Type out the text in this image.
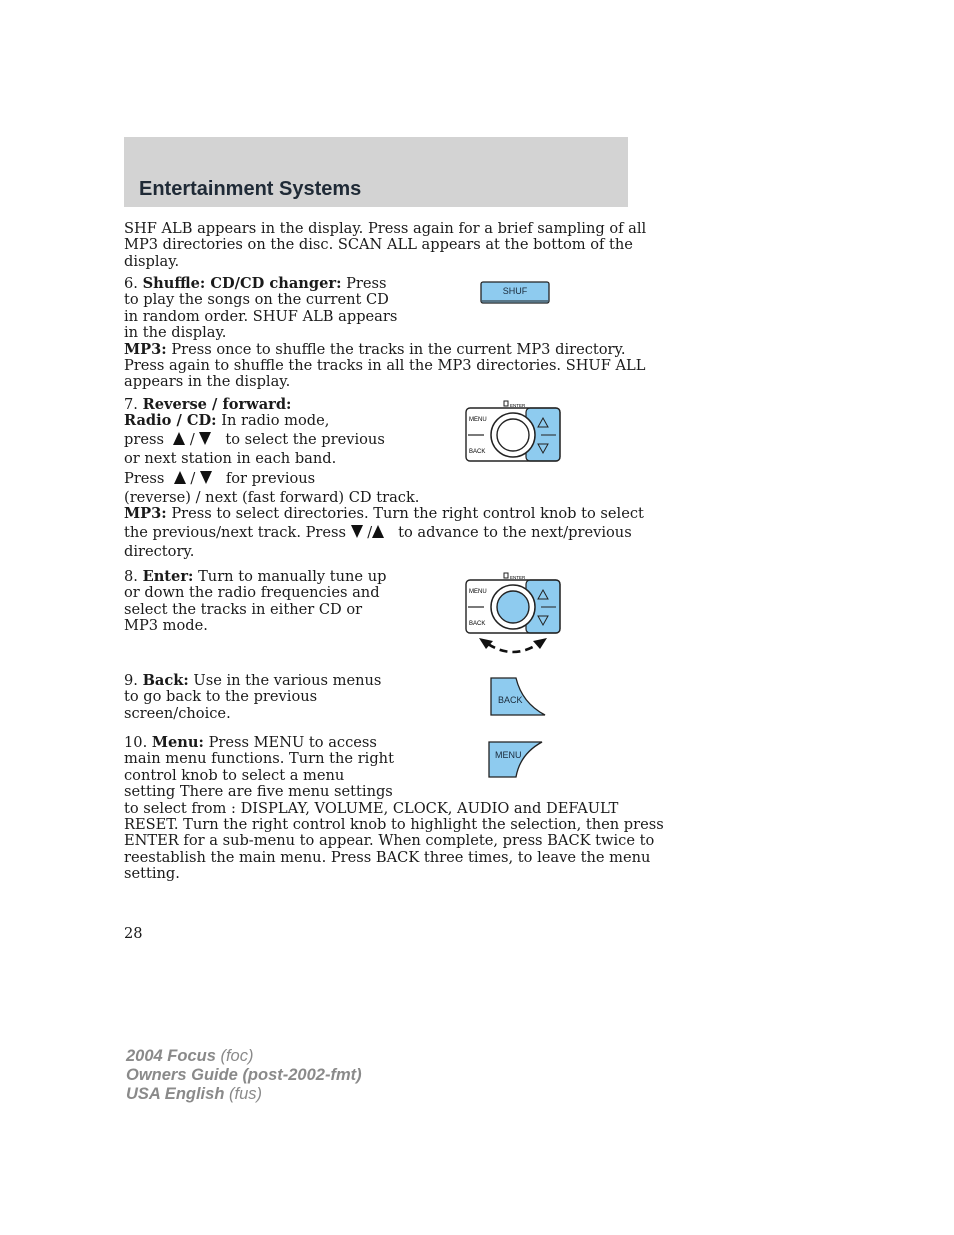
Entertainment Systems

SHF ALB appears in the display. Press again for a brief sampling of all
MP3 directories on the disc. SCAN ALL appears at the bottom of the
display.

6. Shuffle: CD/CD changer: Press
to play the songs on the current CD
in random order. SHUF ALB appears
in the display.
MP3: Press once to shuffle the tracks in the current MP3 directory.
Press again to shuffle the tracks in all the MP3 directories. SHUF ALL
appears in the display.

SHUF

7. Reverse / forward:
Radio / CD: In radio mode,
press / to select the previous
or next station in each band.
Press / for previous
(reverse) / next (fast forward) CD track.
MP3: Press to select directories. Turn the right control knob to select
the previous/next track. Press / to advance to the next/previous
directory.

MENU
BACK
ENTER

8. Enter: Turn to manually tune up
or down the radio frequencies and
select the tracks in either CD or
MP3 mode.

MENU
BACK
ENTER

9. Back: Use in the various menus
to go back to the previous
screen/choice.

BACK

10. Menu: Press MENU to access
main menu functions. Turn the right
control knob to select a menu
setting There are five menu settings
to select from : DISPLAY, VOLUME, CLOCK, AUDIO and DEFAULT
RESET. Turn the right control knob to highlight the selection, then press
ENTER for a sub-menu to appear. When complete, press BACK twice to
reestablish the main menu. Press BACK three times, to leave the menu
setting.

MENU
28
2004 Focus (foc)
Owners Guide (post-2002-fmt)
USA English (fus)
